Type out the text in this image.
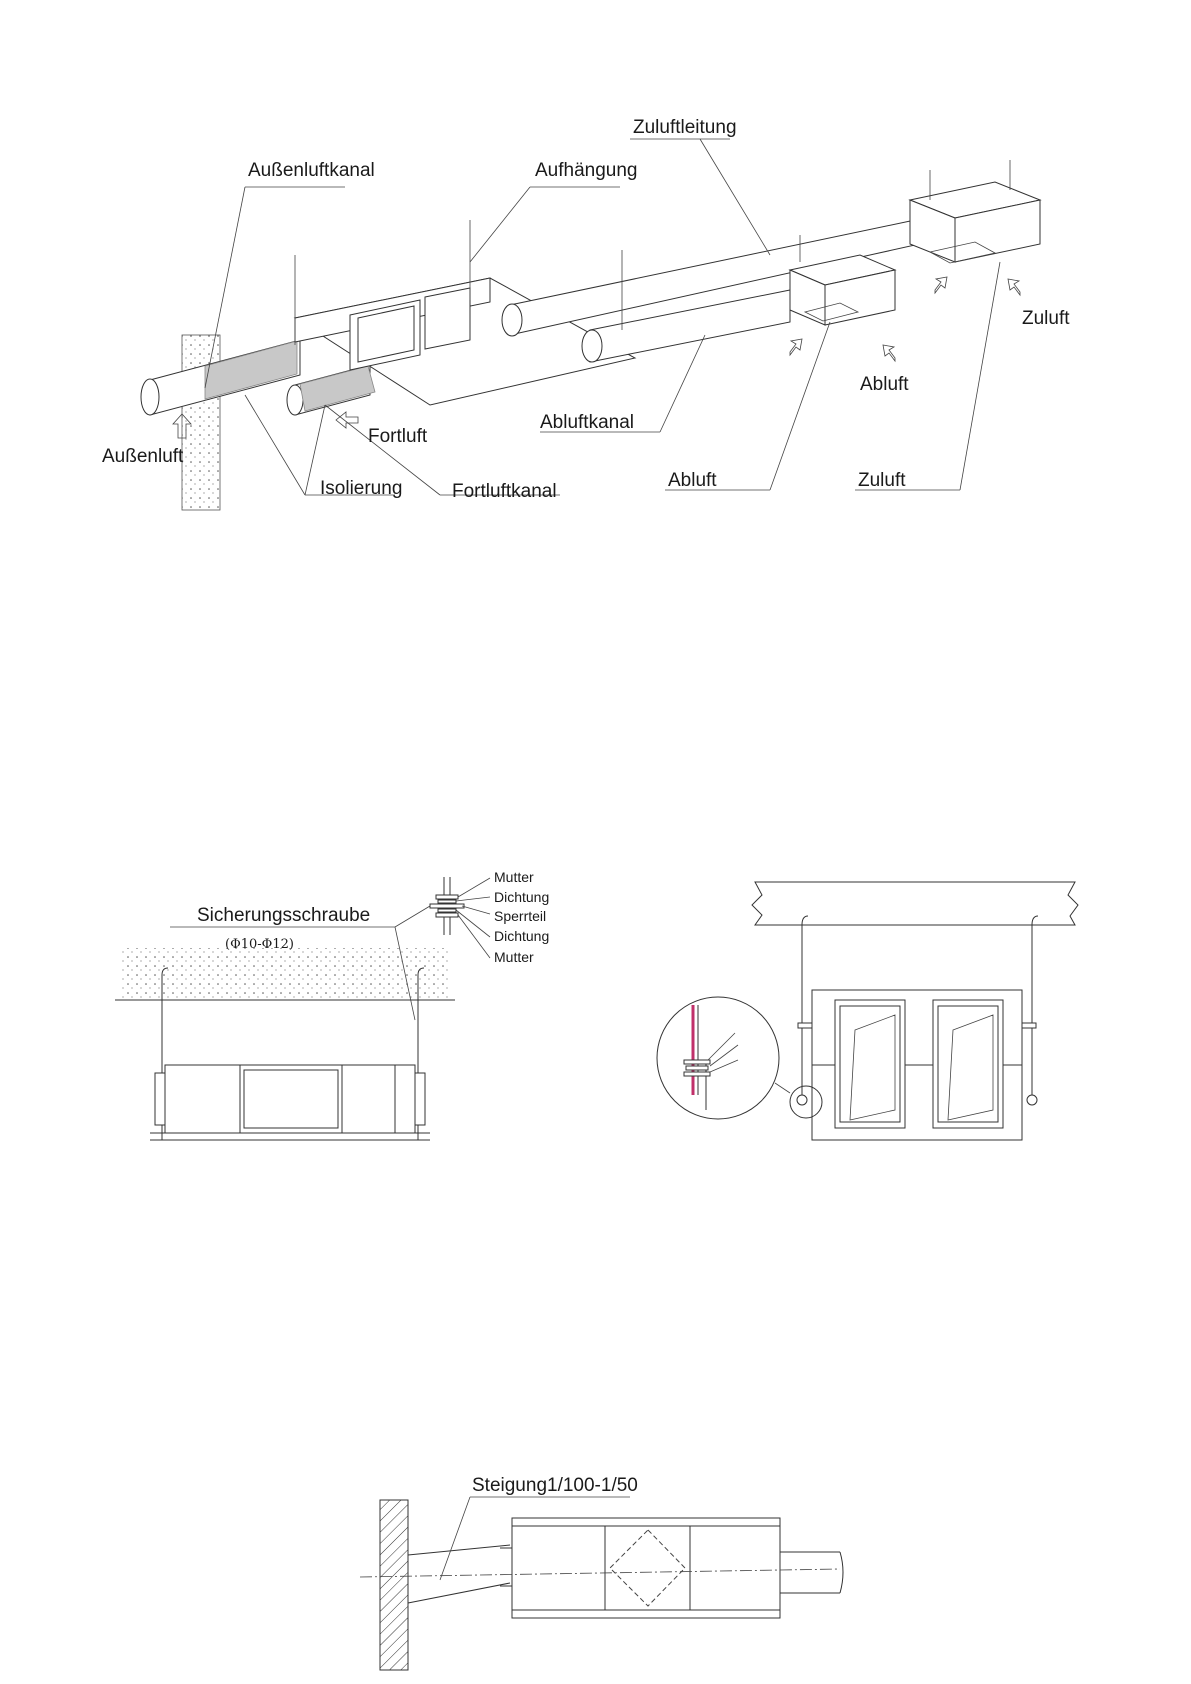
Außenluftkanal	Aufhängung
Zuluftleitung
Zuluft
Abluft
Abluftkanal
Fortluft
Außenluft
Isolierung	Fortluftkanal
Abluft	Zuluft
Sicherungsschraube
(Φ10-Φ12)
Mutter
Dichtung
Sperrteil
Dichtung
Mutter
Steigung1/100-1/50
